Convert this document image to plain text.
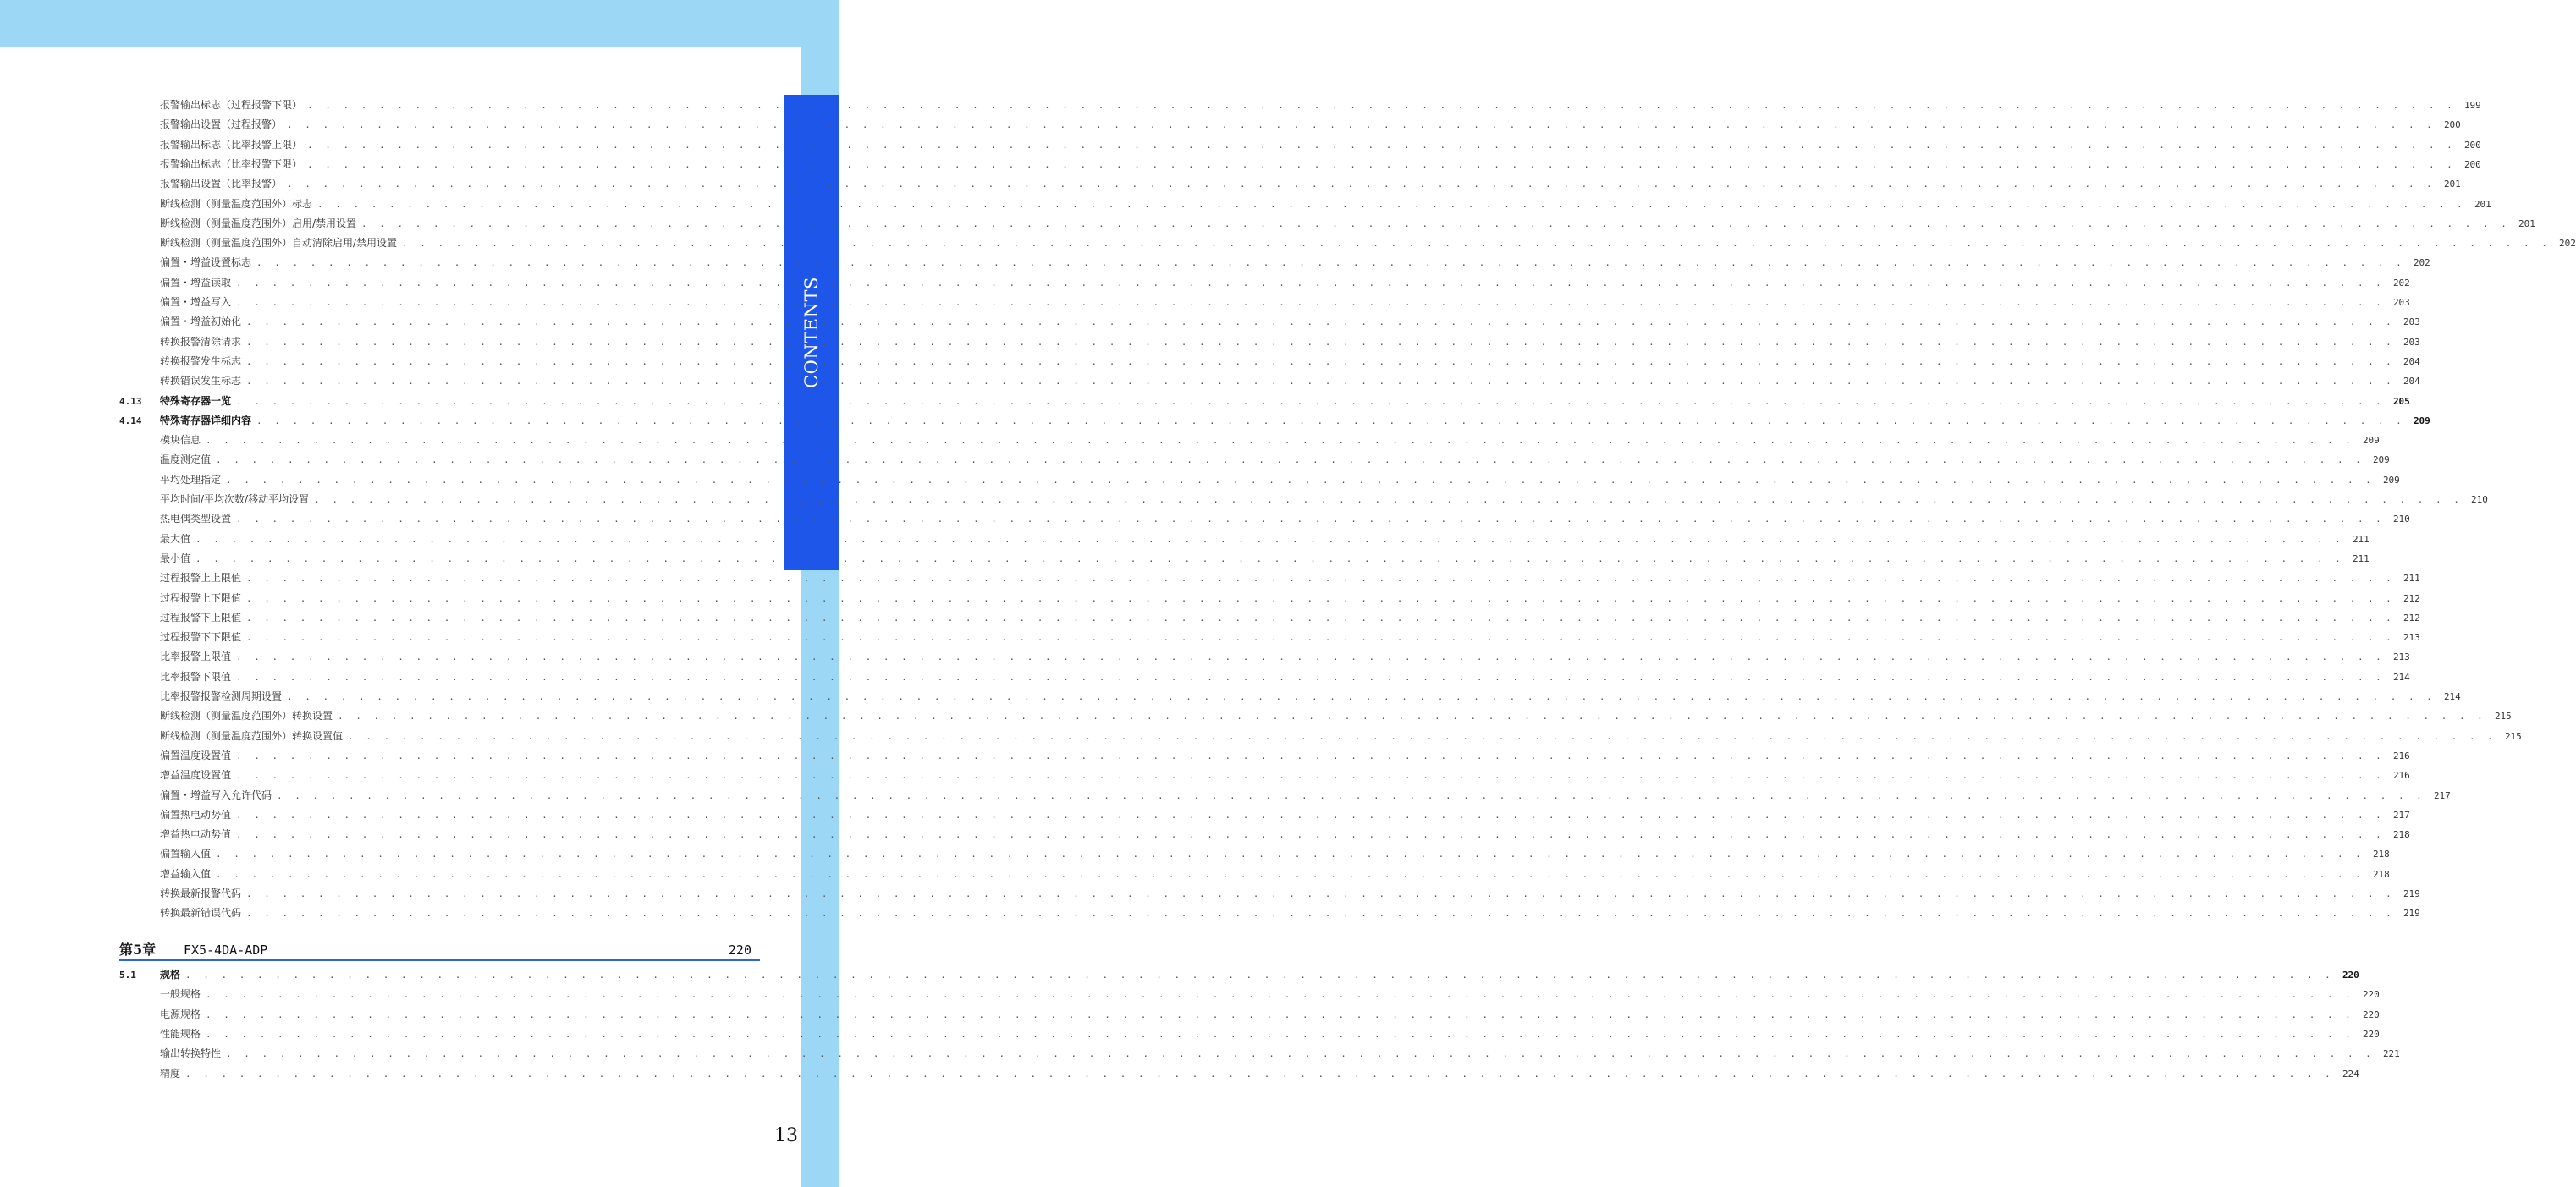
CONTENTS
报警输出标志（过程报警下限） . . . . . . . . . . . . . . . . . . . . . . . . . . . . . . . . . . . . . . . . . . . . . . . . . . . . . . . . . . . . . . . . . . . . . . . . . . . . . . . . . . . . . . . . . . . . . . . . . . . . . . . . . . . . . . . . . . . . . . . . 199
报警输出设置（过程报警） . . . . . . . . . . . . . . . . . . . . . . . . . . . . . . . . . . . . . . . . . . . . . . . . . . . . . . . . . . . . . . . . . . . . . . . . . . . . . . . . . . . . . . . . . . . . . . . . . . . . . . . . . . . . . . . . . . . . . . . . 200
报警输出标志（比率报警上限） . . . . . . . . . . . . . . . . . . . . . . . . . . . . . . . . . . . . . . . . . . . . . . . . . . . . . . . . . . . . . . . . . . . . . . . . . . . . . . . . . . . . . . . . . . . . . . . . . . . . . . . . . . . . . . . . . . . . . . . . 200
报警输出标志（比率报警下限） . . . . . . . . . . . . . . . . . . . . . . . . . . . . . . . . . . . . . . . . . . . . . . . . . . . . . . . . . . . . . . . . . . . . . . . . . . . . . . . . . . . . . . . . . . . . . . . . . . . . . . . . . . . . . . . . . . . . . . . . 200
报警输出设置（比率报警） . . . . . . . . . . . . . . . . . . . . . . . . . . . . . . . . . . . . . . . . . . . . . . . . . . . . . . . . . . . . . . . . . . . . . . . . . . . . . . . . . . . . . . . . . . . . . . . . . . . . . . . . . . . . . . . . . . . . . . . . 201
断线检测（测量温度范围外）标志 . . . . . . . . . . . . . . . . . . . . . . . . . . . . . . . . . . . . . . . . . . . . . . . . . . . . . . . . . . . . . . . . . . . . . . . . . . . . . . . . . . . . . . . . . . . . . . . . . . . . . . . . . . . . . . . . . . . . . . . . 201
断线检测（测量温度范围外）启用/禁用设置 . . . . . . . . . . . . . . . . . . . . . . . . . . . . . . . . . . . . . . . . . . . . . . . . . . . . . . . . . . . . . . . . . . . . . . . . . . . . . . . . . . . . . . . . . . . . . . . . . . . . . . . . . . . . . . . . . . . . . . . . 201
断线检测（测量温度范围外）自动清除启用/禁用设置 . . . . . . . . . . . . . . . . . . . . . . . . . . . . . . . . . . . . . . . . . . . . . . . . . . . . . . . . . . . . . . . . . . . . . . . . . . . . . . . . . . . . . . . . . . . . . . . . . . . . . . . . . . . . . . . . . . . . . . . . 202
偏置・增益设置标志 . . . . . . . . . . . . . . . . . . . . . . . . . . . . . . . . . . . . . . . . . . . . . . . . . . . . . . . . . . . . . . . . . . . . . . . . . . . . . . . . . . . . . . . . . . . . . . . . . . . . . . . . . . . . . . . . . . . . . . . . 202
偏置・增益读取 . . . . . . . . . . . . . . . . . . . . . . . . . . . . . . . . . . . . . . . . . . . . . . . . . . . . . . . . . . . . . . . . . . . . . . . . . . . . . . . . . . . . . . . . . . . . . . . . . . . . . . . . . . . . . . . . . . . . . . . . 202
偏置・增益写入 . . . . . . . . . . . . . . . . . . . . . . . . . . . . . . . . . . . . . . . . . . . . . . . . . . . . . . . . . . . . . . . . . . . . . . . . . . . . . . . . . . . . . . . . . . . . . . . . . . . . . . . . . . . . . . . . . . . . . . . . 203
偏置・增益初始化 . . . . . . . . . . . . . . . . . . . . . . . . . . . . . . . . . . . . . . . . . . . . . . . . . . . . . . . . . . . . . . . . . . . . . . . . . . . . . . . . . . . . . . . . . . . . . . . . . . . . . . . . . . . . . . . . . . . . . . . . 203
转换报警清除请求 . . . . . . . . . . . . . . . . . . . . . . . . . . . . . . . . . . . . . . . . . . . . . . . . . . . . . . . . . . . . . . . . . . . . . . . . . . . . . . . . . . . . . . . . . . . . . . . . . . . . . . . . . . . . . . . . . . . . . . . . 203
转换报警发生标志 . . . . . . . . . . . . . . . . . . . . . . . . . . . . . . . . . . . . . . . . . . . . . . . . . . . . . . . . . . . . . . . . . . . . . . . . . . . . . . . . . . . . . . . . . . . . . . . . . . . . . . . . . . . . . . . . . . . . . . . . 204
转换错误发生标志 . . . . . . . . . . . . . . . . . . . . . . . . . . . . . . . . . . . . . . . . . . . . . . . . . . . . . . . . . . . . . . . . . . . . . . . . . . . . . . . . . . . . . . . . . . . . . . . . . . . . . . . . . . . . . . . . . . . . . . . . 204
4.13	特殊寄存器一览 . . . . . . . . . . . . . . . . . . . . . . . . . . . . . . . . . . . . . . . . . . . . . . . . . . . . . . . . . . . . . . . . . . . . . . . . . . . . . . . . . . . . . . . . . . . . . . . . . . . . . . . . . . . . . . . . . . . . . . . . 205
4.14	特殊寄存器详细内容 . . . . . . . . . . . . . . . . . . . . . . . . . . . . . . . . . . . . . . . . . . . . . . . . . . . . . . . . . . . . . . . . . . . . . . . . . . . . . . . . . . . . . . . . . . . . . . . . . . . . . . . . . . . . . . . . . . . . . . . . 209
模块信息 . . . . . . . . . . . . . . . . . . . . . . . . . . . . . . . . . . . . . . . . . . . . . . . . . . . . . . . . . . . . . . . . . . . . . . . . . . . . . . . . . . . . . . . . . . . . . . . . . . . . . . . . . . . . . . . . . . . . . . . . 209
温度测定值 . . . . . . . . . . . . . . . . . . . . . . . . . . . . . . . . . . . . . . . . . . . . . . . . . . . . . . . . . . . . . . . . . . . . . . . . . . . . . . . . . . . . . . . . . . . . . . . . . . . . . . . . . . . . . . . . . . . . . . . . 209
平均处理指定 . . . . . . . . . . . . . . . . . . . . . . . . . . . . . . . . . . . . . . . . . . . . . . . . . . . . . . . . . . . . . . . . . . . . . . . . . . . . . . . . . . . . . . . . . . . . . . . . . . . . . . . . . . . . . . . . . . . . . . . . 209
平均时间/平均次数/移动平均设置 . . . . . . . . . . . . . . . . . . . . . . . . . . . . . . . . . . . . . . . . . . . . . . . . . . . . . . . . . . . . . . . . . . . . . . . . . . . . . . . . . . . . . . . . . . . . . . . . . . . . . . . . . . . . . . . . . . . . . . . . 210
热电偶类型设置 . . . . . . . . . . . . . . . . . . . . . . . . . . . . . . . . . . . . . . . . . . . . . . . . . . . . . . . . . . . . . . . . . . . . . . . . . . . . . . . . . . . . . . . . . . . . . . . . . . . . . . . . . . . . . . . . . . . . . . . . 210
最大值 . . . . . . . . . . . . . . . . . . . . . . . . . . . . . . . . . . . . . . . . . . . . . . . . . . . . . . . . . . . . . . . . . . . . . . . . . . . . . . . . . . . . . . . . . . . . . . . . . . . . . . . . . . . . . . . . . . . . . . . . 211
最小值 . . . . . . . . . . . . . . . . . . . . . . . . . . . . . . . . . . . . . . . . . . . . . . . . . . . . . . . . . . . . . . . . . . . . . . . . . . . . . . . . . . . . . . . . . . . . . . . . . . . . . . . . . . . . . . . . . . . . . . . . 211
过程报警上上限值 . . . . . . . . . . . . . . . . . . . . . . . . . . . . . . . . . . . . . . . . . . . . . . . . . . . . . . . . . . . . . . . . . . . . . . . . . . . . . . . . . . . . . . . . . . . . . . . . . . . . . . . . . . . . . . . . . . . . . . . . 211
过程报警上下限值 . . . . . . . . . . . . . . . . . . . . . . . . . . . . . . . . . . . . . . . . . . . . . . . . . . . . . . . . . . . . . . . . . . . . . . . . . . . . . . . . . . . . . . . . . . . . . . . . . . . . . . . . . . . . . . . . . . . . . . . . 212
过程报警下上限值 . . . . . . . . . . . . . . . . . . . . . . . . . . . . . . . . . . . . . . . . . . . . . . . . . . . . . . . . . . . . . . . . . . . . . . . . . . . . . . . . . . . . . . . . . . . . . . . . . . . . . . . . . . . . . . . . . . . . . . . . 212
过程报警下下限值 . . . . . . . . . . . . . . . . . . . . . . . . . . . . . . . . . . . . . . . . . . . . . . . . . . . . . . . . . . . . . . . . . . . . . . . . . . . . . . . . . . . . . . . . . . . . . . . . . . . . . . . . . . . . . . . . . . . . . . . . 213
比率报警上限值 . . . . . . . . . . . . . . . . . . . . . . . . . . . . . . . . . . . . . . . . . . . . . . . . . . . . . . . . . . . . . . . . . . . . . . . . . . . . . . . . . . . . . . . . . . . . . . . . . . . . . . . . . . . . . . . . . . . . . . . . 213
比率报警下限值 . . . . . . . . . . . . . . . . . . . . . . . . . . . . . . . . . . . . . . . . . . . . . . . . . . . . . . . . . . . . . . . . . . . . . . . . . . . . . . . . . . . . . . . . . . . . . . . . . . . . . . . . . . . . . . . . . . . . . . . . 214
比率报警报警检测周期设置 . . . . . . . . . . . . . . . . . . . . . . . . . . . . . . . . . . . . . . . . . . . . . . . . . . . . . . . . . . . . . . . . . . . . . . . . . . . . . . . . . . . . . . . . . . . . . . . . . . . . . . . . . . . . . . . . . . . . . . . . 214
断线检测（测量温度范围外）转换设置 . . . . . . . . . . . . . . . . . . . . . . . . . . . . . . . . . . . . . . . . . . . . . . . . . . . . . . . . . . . . . . . . . . . . . . . . . . . . . . . . . . . . . . . . . . . . . . . . . . . . . . . . . . . . . . . . . . . . . . . . 215
断线检测（测量温度范围外）转换设置值 . . . . . . . . . . . . . . . . . . . . . . . . . . . . . . . . . . . . . . . . . . . . . . . . . . . . . . . . . . . . . . . . . . . . . . . . . . . . . . . . . . . . . . . . . . . . . . . . . . . . . . . . . . . . . . . . . . . . . . . . 215
偏置温度设置值 . . . . . . . . . . . . . . . . . . . . . . . . . . . . . . . . . . . . . . . . . . . . . . . . . . . . . . . . . . . . . . . . . . . . . . . . . . . . . . . . . . . . . . . . . . . . . . . . . . . . . . . . . . . . . . . . . . . . . . . . 216
增益温度设置值 . . . . . . . . . . . . . . . . . . . . . . . . . . . . . . . . . . . . . . . . . . . . . . . . . . . . . . . . . . . . . . . . . . . . . . . . . . . . . . . . . . . . . . . . . . . . . . . . . . . . . . . . . . . . . . . . . . . . . . . . 216
偏置・增益写入允许代码 . . . . . . . . . . . . . . . . . . . . . . . . . . . . . . . . . . . . . . . . . . . . . . . . . . . . . . . . . . . . . . . . . . . . . . . . . . . . . . . . . . . . . . . . . . . . . . . . . . . . . . . . . . . . . . . . . . . . . . . . 217
偏置热电动势值 . . . . . . . . . . . . . . . . . . . . . . . . . . . . . . . . . . . . . . . . . . . . . . . . . . . . . . . . . . . . . . . . . . . . . . . . . . . . . . . . . . . . . . . . . . . . . . . . . . . . . . . . . . . . . . . . . . . . . . . . 217
增益热电动势值 . . . . . . . . . . . . . . . . . . . . . . . . . . . . . . . . . . . . . . . . . . . . . . . . . . . . . . . . . . . . . . . . . . . . . . . . . . . . . . . . . . . . . . . . . . . . . . . . . . . . . . . . . . . . . . . . . . . . . . . . 218
偏置输入值 . . . . . . . . . . . . . . . . . . . . . . . . . . . . . . . . . . . . . . . . . . . . . . . . . . . . . . . . . . . . . . . . . . . . . . . . . . . . . . . . . . . . . . . . . . . . . . . . . . . . . . . . . . . . . . . . . . . . . . . . 218
增益输入值 . . . . . . . . . . . . . . . . . . . . . . . . . . . . . . . . . . . . . . . . . . . . . . . . . . . . . . . . . . . . . . . . . . . . . . . . . . . . . . . . . . . . . . . . . . . . . . . . . . . . . . . . . . . . . . . . . . . . . . . . 218
转换最新报警代码 . . . . . . . . . . . . . . . . . . . . . . . . . . . . . . . . . . . . . . . . . . . . . . . . . . . . . . . . . . . . . . . . . . . . . . . . . . . . . . . . . . . . . . . . . . . . . . . . . . . . . . . . . . . . . . . . . . . . . . . . 219
转换最新错误代码 . . . . . . . . . . . . . . . . . . . . . . . . . . . . . . . . . . . . . . . . . . . . . . . . . . . . . . . . . . . . . . . . . . . . . . . . . . . . . . . . . . . . . . . . . . . . . . . . . . . . . . . . . . . . . . . . . . . . . . . . 219
5.1	规格 . . . . . . . . . . . . . . . . . . . . . . . . . . . . . . . . . . . . . . . . . . . . . . . . . . . . . . . . . . . . . . . . . . . . . . . . . . . . . . . . . . . . . . . . . . . . . . . . . . . . . . . . . . . . . . . . . . . . . . . . 220
一般规格 . . . . . . . . . . . . . . . . . . . . . . . . . . . . . . . . . . . . . . . . . . . . . . . . . . . . . . . . . . . . . . . . . . . . . . . . . . . . . . . . . . . . . . . . . . . . . . . . . . . . . . . . . . . . . . . . . . . . . . . . 220
电源规格 . . . . . . . . . . . . . . . . . . . . . . . . . . . . . . . . . . . . . . . . . . . . . . . . . . . . . . . . . . . . . . . . . . . . . . . . . . . . . . . . . . . . . . . . . . . . . . . . . . . . . . . . . . . . . . . . . . . . . . . . 220
性能规格 . . . . . . . . . . . . . . . . . . . . . . . . . . . . . . . . . . . . . . . . . . . . . . . . . . . . . . . . . . . . . . . . . . . . . . . . . . . . . . . . . . . . . . . . . . . . . . . . . . . . . . . . . . . . . . . . . . . . . . . . 220
输出转换特性 . . . . . . . . . . . . . . . . . . . . . . . . . . . . . . . . . . . . . . . . . . . . . . . . . . . . . . . . . . . . . . . . . . . . . . . . . . . . . . . . . . . . . . . . . . . . . . . . . . . . . . . . . . . . . . . . . . . . . . . . 221
精度 . . . . . . . . . . . . . . . . . . . . . . . . . . . . . . . . . . . . . . . . . . . . . . . . . . . . . . . . . . . . . . . . . . . . . . . . . . . . . . . . . . . . . . . . . . . . . . . . . . . . . . . . . . . . . . . . . . . . . . . . 224
第5章	FX5-4DA-ADP	220
13
